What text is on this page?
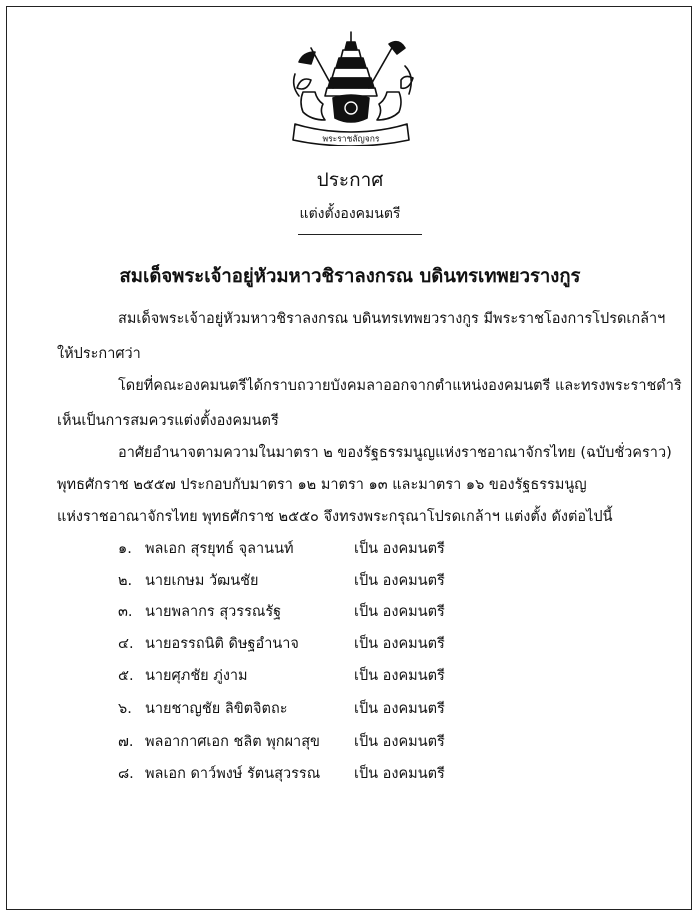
พระราชลัญจกร
ประกาศ
แต่งตั้งองคมนตรี
สมเด็จพระเจ้าอยู่หัวมหาวชิราลงกรณ บดินทรเทพยวรางกูร
สมเด็จพระเจ้าอยู่หัวมหาวชิราลงกรณ บดินทรเทพยวรางกูร มีพระราชโองการโปรดเกล้าฯ
ให้ประกาศว่า
โดยที่คณะองคมนตรีได้กราบถวายบังคมลาออกจากตำแหน่งองคมนตรี และทรงพระราชดำริ
เห็นเป็นการสมควรแต่งตั้งองคมนตรี
อาศัยอำนาจตามความในมาตรา ๒ ของรัฐธรรมนูญแห่งราชอาณาจักรไทย (ฉบับชั่วคราว)
พุทธศักราช ๒๕๕๗ ประกอบกับมาตรา ๑๒ มาตรา ๑๓ และมาตรา ๑๖ ของรัฐธรรมนูญ
แห่งราชอาณาจักรไทย พุทธศักราช ๒๕๕๐ จึงทรงพระกรุณาโปรดเกล้าฯ แต่งตั้ง ดังต่อไปนี้
๑. พลเอก สุรยุทธ์ จุลานนท์	เป็น องคมนตรี
๒. นายเกษม วัฒนชัย	เป็น องคมนตรี
๓. นายพลากร สุวรรณรัฐ	เป็น องคมนตรี
๔. นายอรรถนิติ ดิษฐอำนาจ	เป็น องคมนตรี
๕. นายศุภชัย ภู่งาม	เป็น องคมนตรี
๖. นายชาญชัย ลิขิตจิตถะ	เป็น องคมนตรี
๗. พลอากาศเอก ชลิต พุกผาสุข เป็น องคมนตรี
๘. พลเอก ดาว์พงษ์ รัตนสุวรรณ เป็น องคมนตรี
